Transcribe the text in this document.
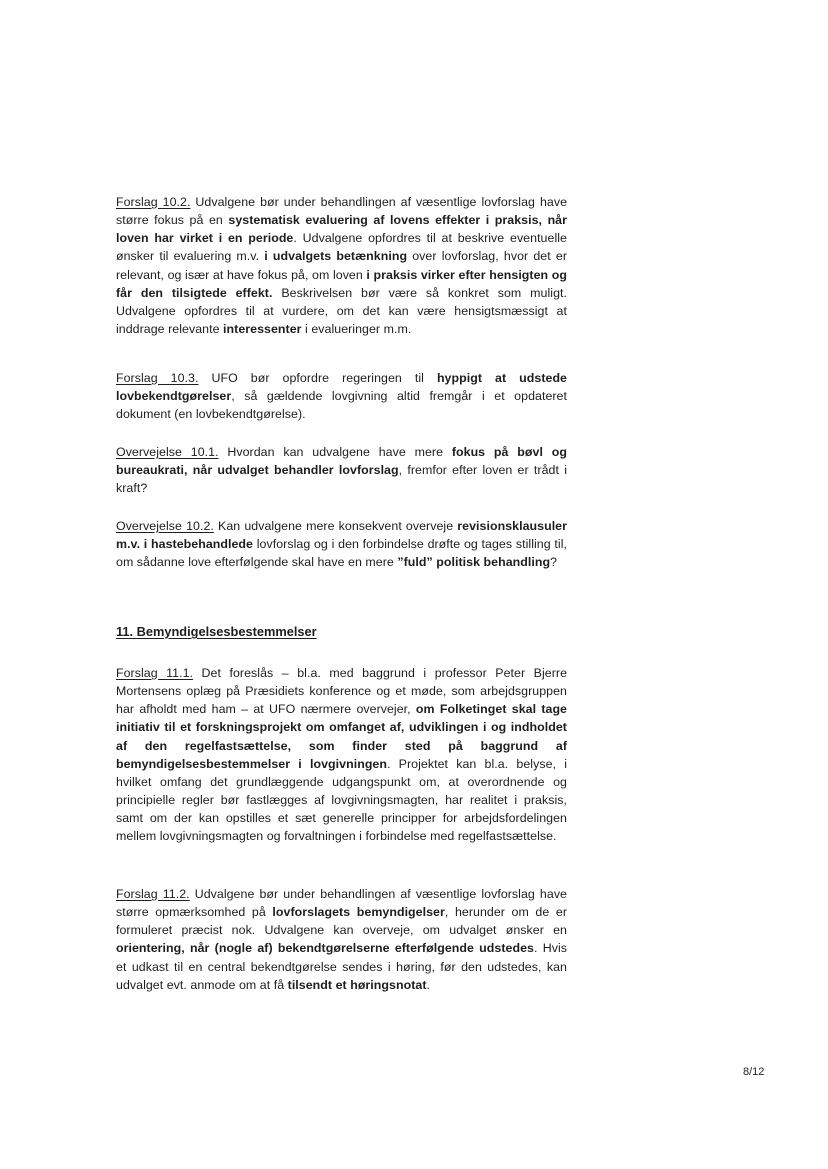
Forslag 10.2. Udvalgene bør under behandlingen af væsentlige lovforslag have større fokus på en systematisk evaluering af lovens effekter i praksis, når loven har virket i en periode. Udvalgene opfordres til at beskrive eventuelle ønsker til evaluering m.v. i udvalgets betænkning over lovforslag, hvor det er relevant, og især at have fokus på, om loven i praksis virker efter hensigten og får den tilsigtede effekt. Beskrivelsen bør være så konkret som muligt. Udvalgene opfordres til at vurdere, om det kan være hensigtsmæssigt at inddrage relevante interessenter i evalueringer m.m.

Forslag 10.3. UFO bør opfordre regeringen til hyppigt at udstede lovbekendtgørelser, så gældende lovgivning altid fremgår i et opdateret dokument (en lovbekendtgørelse).

Overvejelse 10.1. Hvordan kan udvalgene have mere fokus på bøvl og bureaukrati, når udvalget behandler lovforslag, fremfor efter loven er trådt i kraft?

Overvejelse 10.2. Kan udvalgene mere konsekvent overveje revisionsklausuler m.v. i hastebehandlede lovforslag og i den forbindelse drøfte og tages stilling til, om sådanne love efterfølgende skal have en mere ”fuld” politisk behandling?

11. Bemyndigelsesbestemmelser

Forslag 11.1. Det foreslås – bl.a. med baggrund i professor Peter Bjerre Mortensens oplæg på Præsidiets konference og et møde, som arbejdsgruppen har afholdt med ham – at UFO nærmere overvejer, om Folketinget skal tage initiativ til et forskningsprojekt om omfanget af, udviklingen i og indholdet af den regelfastsættelse, som finder sted på baggrund af bemyndigelsesbestemmelser i lovgivningen. Projektet kan bl.a. belyse, i hvilket omfang det grundlæggende udgangspunkt om, at overordnende og principielle regler bør fastlægges af lovgivningsmagten, har realitet i praksis, samt om der kan opstilles et sæt generelle principper for arbejdsfordelingen mellem lovgivningsmagten og forvaltningen i forbindelse med regelfastsættelse.

Forslag 11.2. Udvalgene bør under behandlingen af væsentlige lovforslag have større opmærksomhed på lovforslagets bemyndigelser, herunder om de er formuleret præcist nok. Udvalgene kan overveje, om udvalget ønsker en orientering, når (nogle af) bekendtgørelserne efterfølgende udstedes. Hvis et udkast til en central bekendtgørelse sendes i høring, før den udstedes, kan udvalget evt. anmode om at få tilsendt et høringsnotat.

8/12
